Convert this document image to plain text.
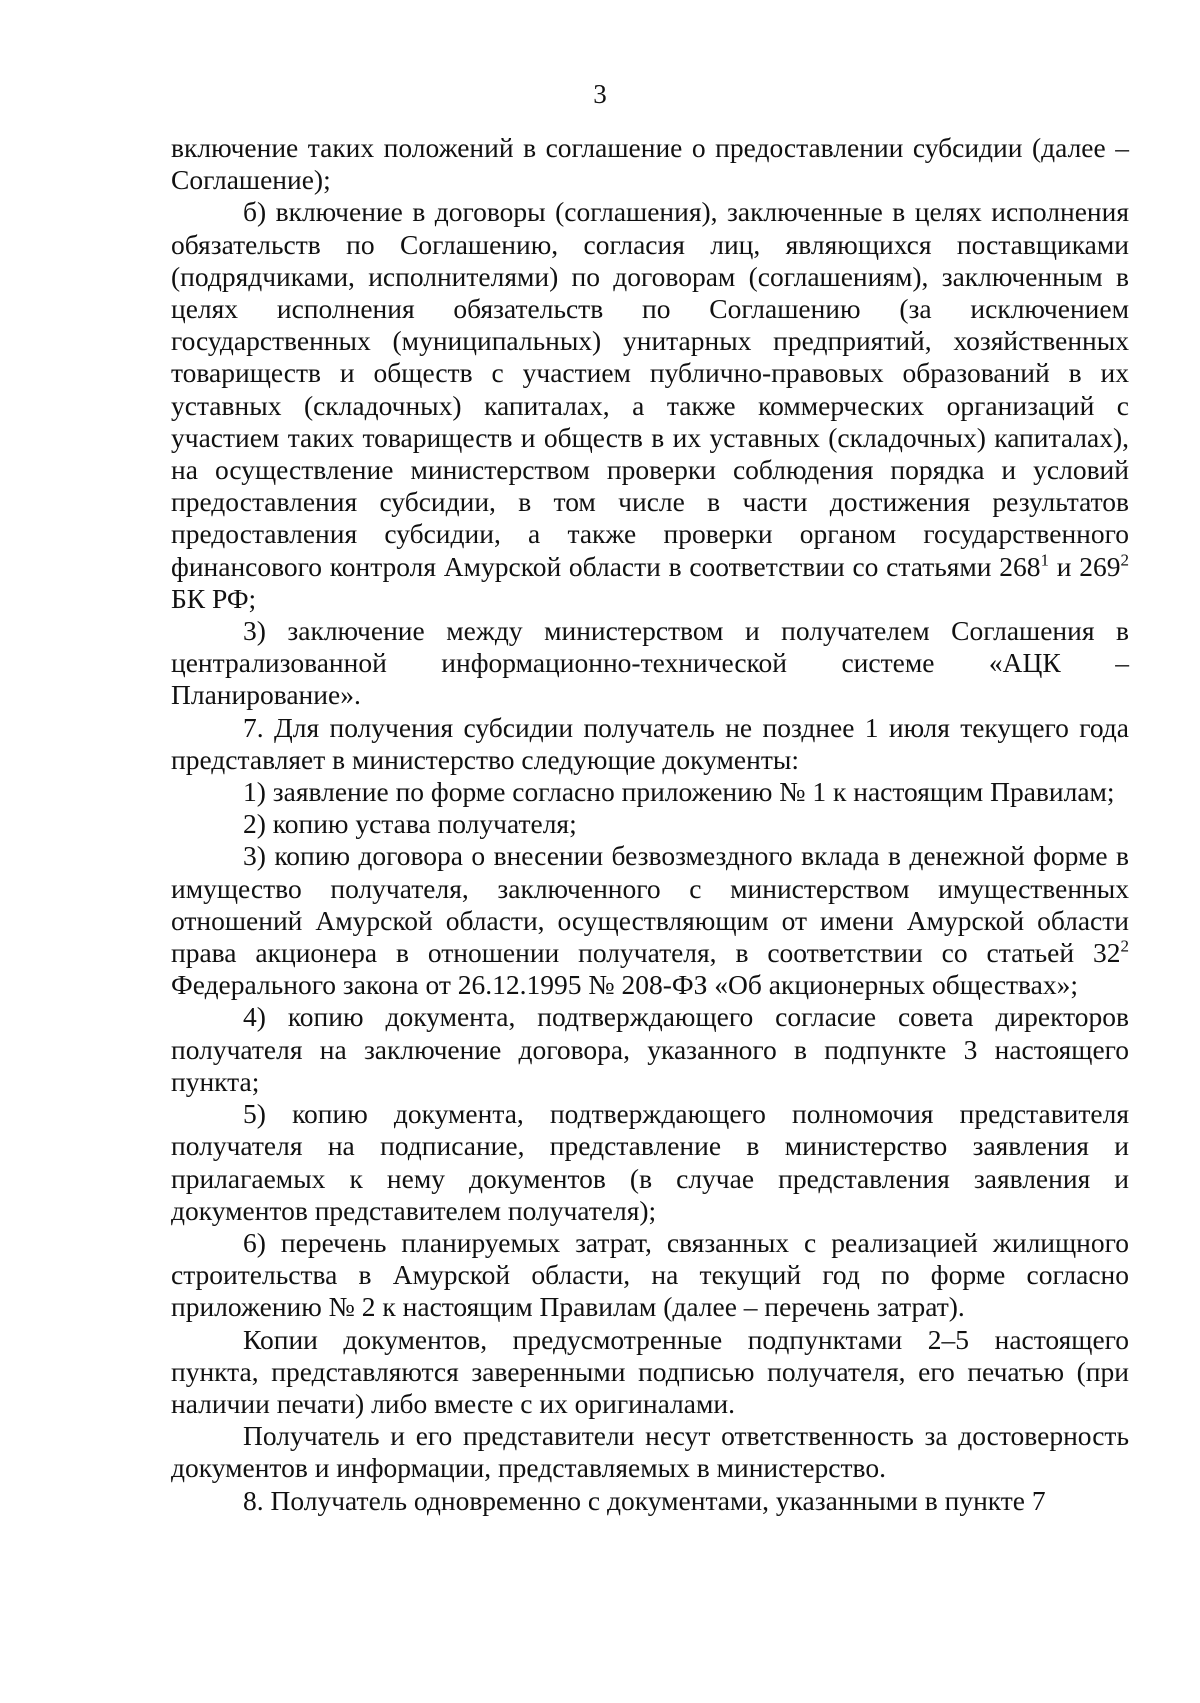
3

включение таких положений в соглашение о предоставлении субсидии (далее – Соглашение);

б) включение в договоры (соглашения), заключенные в целях исполнения обязательств по Соглашению, согласия лиц, являющихся поставщиками (подрядчиками, исполнителями) по договорам (соглашениям), заключенным в целях исполнения обязательств по Соглашению (за исключением государственных (муниципальных) унитарных предприятий, хозяйственных товариществ и обществ с участием публично-правовых образований в их уставных (складочных) капиталах, а также коммерческих организаций с участием таких товариществ и обществ в их уставных (складочных) капиталах), на осуществление министерством проверки соблюдения порядка и условий предоставления субсидии, в том числе в части достижения результатов предоставления субсидии, а также проверки органом государственного финансового контроля Амурской области в соответствии со статьями $268^1$ и $269^2$ БК РФ;

3) заключение между министерством и получателем Соглашения в централизованной информационно-технической системе «АЦК – Планирование».

7. Для получения субсидии получатель не позднее 1 июля текущего года представляет в министерство следующие документы:

1) заявление по форме согласно приложению № 1 к настоящим Правилам;

2) копию устава получателя;

3) копию договора о внесении безвозмездного вклада в денежной форме в имущество получателя, заключенного с министерством имущественных отношений Амурской области, осуществляющим от имени Амурской области права акционера в отношении получателя, в соответствии со статьей $32^2$ Федерального закона от 26.12.1995 № 208-ФЗ «Об акционерных обществах»;

4) копию документа, подтверждающего согласие совета директоров получателя на заключение договора, указанного в подпункте 3 настоящего пункта;

5) копию документа, подтверждающего полномочия представителя получателя на подписание, представление в министерство заявления и прилагаемых к нему документов (в случае представления заявления и документов представителем получателя);

6) перечень планируемых затрат, связанных с реализацией жилищного строительства в Амурской области, на текущий год по форме согласно приложению № 2 к настоящим Правилам (далее – перечень затрат).

Копии документов, предусмотренные подпунктами 2–5 настоящего пункта, представляются заверенными подписью получателя, его печатью (при наличии печати) либо вместе с их оригиналами.

Получатель и его представители несут ответственность за достоверность документов и информации, представляемых в министерство.

8. Получатель одновременно с документами, указанными в пункте 7
